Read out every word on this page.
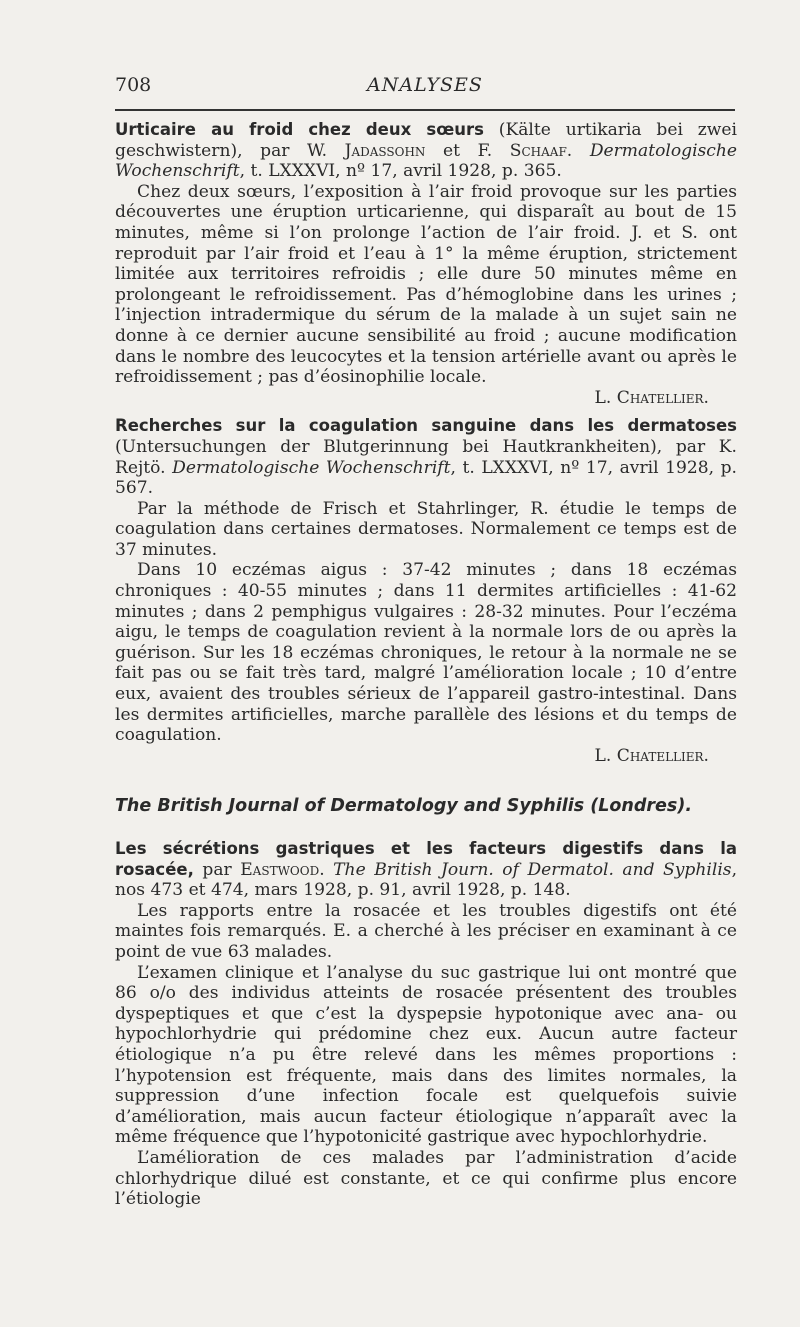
708	ANALYSES

Urticaire au froid chez deux sœurs (Kälte urtikaria bei zwei geschwistern), par W. Jadassohn et F. Schaaf. Dermatologische Wochenschrift, t. LXXXVI, nº 17, avril 1928, p. 365.

Chez deux sœurs, l’exposition à l’air froid provoque sur les parties découvertes une éruption urticarienne, qui disparaît au bout de 15 minutes, même si l’on prolonge l’action de l’air froid. J. et S. ont reproduit par l’air froid et l’eau à 1° la même éruption, strictement limitée aux territoires refroidis ; elle dure 50 minutes même en prolongeant le refroidissement. Pas d’hémoglobine dans les urines ; l’injection intradermique du sérum de la malade à un sujet sain ne donne à ce dernier aucune sensibilité au froid ; aucune modification dans le nombre des leucocytes et la tension artérielle avant ou après le refroidissement ; pas d’éosinophilie locale.

L. Chatellier.

Recherches sur la coagulation sanguine dans les dermatoses (Untersuchungen der Blutgerinnung bei Hautkrankheiten), par K. Rejtö. Dermatologische Wochenschrift, t. LXXXVI, nº 17, avril 1928, p. 567.

Par la méthode de Frisch et Stahrlinger, R. étudie le temps de coagulation dans certaines dermatoses. Normalement ce temps est de 37 minutes.

Dans 10 eczémas aigus : 37-42 minutes ; dans 18 eczémas chroniques : 40-55 minutes ; dans 11 dermites artificielles : 41-62 minutes ; dans 2 pemphigus vulgaires : 28-32 minutes. Pour l’eczéma aigu, le temps de coagulation revient à la normale lors de ou après la guérison. Sur les 18 eczémas chroniques, le retour à la normale ne se fait pas ou se fait très tard, malgré l’amélioration locale ; 10 d’entre eux, avaient des troubles sérieux de l’appareil gastro-intestinal. Dans les dermites artificielles, marche parallèle des lésions et du temps de coagulation.

L. Chatellier.
The British Journal of Dermatology and Syphilis (Londres).

Les sécrétions gastriques et les facteurs digestifs dans la rosacée, par Eastwood. The British Journ. of Dermatol. and Syphilis, nos 473 et 474, mars 1928, p. 91, avril 1928, p. 148.

Les rapports entre la rosacée et les troubles digestifs ont été maintes fois remarqués. E. a cherché à les préciser en examinant à ce point de vue 63 malades.

L’examen clinique et l’analyse du suc gastrique lui ont montré que 86 o/o des individus atteints de rosacée présentent des troubles dyspeptiques et que c’est la dyspepsie hypotonique avec ana- ou hypochlorhydrie qui prédomine chez eux. Aucun autre facteur étiologique n’a pu être relevé dans les mêmes proportions : l’hypotension est fréquente, mais dans des limites normales, la suppression d’une infection focale est quelquefois suivie d’amélioration, mais aucun facteur étiologique n’apparaît avec la même fréquence que l’hypotonicité gastrique avec hypochlorhydrie.

L’amélioration de ces malades par l’administration d’acide chlorhydrique dilué est constante, et ce qui confirme plus encore l’étiologie
